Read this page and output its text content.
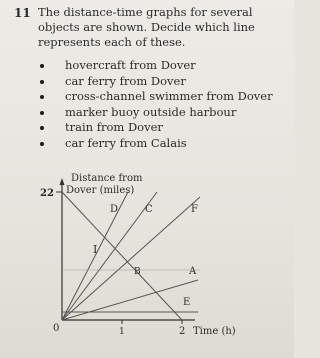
11 The distance-time graphs for several objects are shown. Decide which line represents each of these.
hovercraft from Dover
car ferry from Dover
cross-channel swimmer from Dover
marker buoy outside harbour
train from Dover
car ferry from Calais
Distance from
Dover (miles)
22
0	1	2 Time (h)
D	C	F
I
B	A
E
